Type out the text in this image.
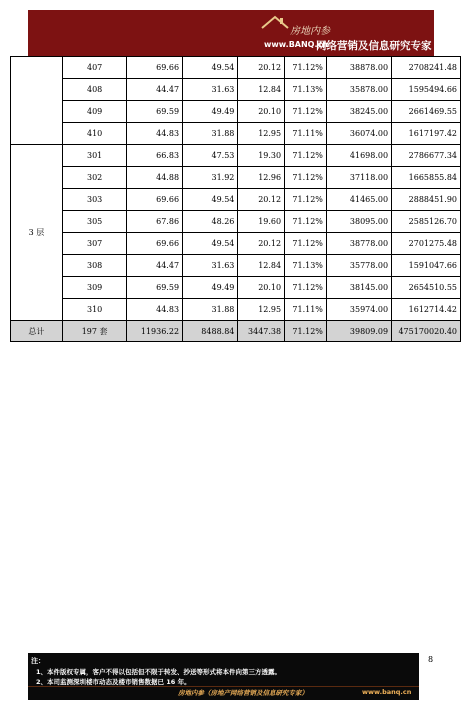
房地内参
www.BANQ.cn
网络营销及信息研究专家
	407	69.66	49.54	20.12	71.12%	38878.00	2708241.48
	408	44.47	31.63	12.84	71.13%	35878.00	1595494.66
	409	69.59	49.49	20.10	71.12%	38245.00	2661469.55
	410	44.83	31.88	12.95	71.11%	36074.00	1617197.42
3 层	301	66.83	47.53	19.30	71.12%	41698.00	2786677.34
	302	44.88	31.92	12.96	71.12%	37118.00	1665855.84
	303	69.66	49.54	20.12	71.12%	41465.00	2888451.90
	305	67.86	48.26	19.60	71.12%	38095.00	2585126.70
	307	69.66	49.54	20.12	71.12%	38778.00	2701275.48
	308	44.47	31.63	12.84	71.13%	35778.00	1591047.66
	309	69.59	49.49	20.10	71.12%	38145.00	2654510.55
	310	44.83	31.88	12.95	71.11%	35974.00	1612714.42
总计	197 套	11936.22	8488.84	3447.38	71.12%	39809.09	475170020.40
注：
1、本件版权专属，客户不得以包括但不限于转发、抄送等形式将本件向第三方透露。
2、本司监测深圳楼市动态及楼市销售数据已 16 年。
房地内参（房地产网络营销及信息研究专家）	www.banq.cn
8
